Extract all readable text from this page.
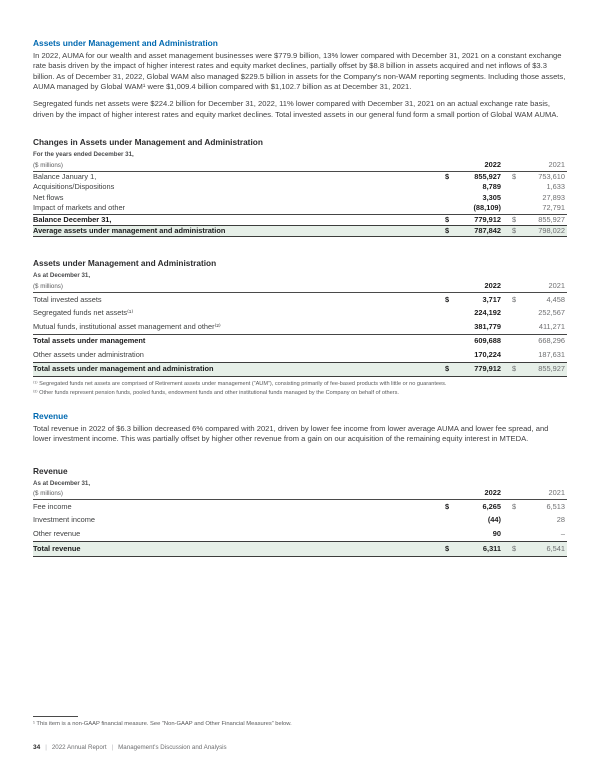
Assets under Management and Administration

In 2022, AUMA for our wealth and asset management businesses were $779.9 billion, 13% lower compared with December 31, 2021 on a constant exchange rate basis driven by the impact of higher interest rates and equity market declines, partially offset by $8.8 billion in assets acquired and net inflows of $3.3 billion. As of December 31, 2022, Global WAM also managed $229.5 billion in assets for the Company's non-WAM reporting segments. Including those assets, AUMA managed by Global WAM¹ were $1,009.4 billion compared with $1,102.7 billion as at December 31, 2021.

Segregated funds net assets were $224.2 billion for December 31, 2022, 11% lower compared with December 31, 2021 on an actual exchange rate basis, driven by the impact of higher interest rates and equity market declines. Total invested assets in our general fund form a small portion of Global WAM AUMA.

Changes in Assets under Management and Administration
For the years ended December 31,
($ millions)	2022	2021
Balance January 1,	$	855,927 $	753,610
Acquisitions/Dispositions	8,789	1,633
Net flows	3,305	27,893
Impact of markets and other	(88,109)	72,791
Balance December 31,	$	779,912 $	855,927
Average assets under management and administration	$	787,842 $	798,022
Assets under Management and Administration
As at December 31,
($ millions)	2022	2021
Total invested assets	$	3,717 $	4,458
Segregated funds net assets⁽¹⁾	224,192	252,567
Mutual funds, institutional asset management and other⁽²⁾	381,779	411,271
Total assets under management	609,688	668,296
Other assets under administration	170,224	187,631
Total assets under management and administration	$	779,912 $	855,927
⁽¹⁾ Segregated funds net assets are comprised of Retirement assets under management (“AUM”), consisting primarily of fee-based products with little or no guarantees.
⁽²⁾ Other funds represent pension funds, pooled funds, endowment funds and other institutional funds managed by the Company on behalf of others.
Revenue

Total revenue in 2022 of $6.3 billion decreased 6% compared with 2021, driven by lower fee income from lower average AUMA and lower fee spread, and lower investment income. This was partially offset by higher other revenue from a gain on our acquisition of the remaining equity interest in MTEDA.

Revenue
As at December 31,
($ millions)	2022	2021
Fee income	$	6,265 $	6,513
Investment income	(44)	28
Other revenue	90	–
Total revenue	$	6,311 $	6,541
¹ This item is a non-GAAP financial measure. See “Non-GAAP and Other Financial Measures” below.
34 | 2022 Annual Report | Management's Discussion and Analysis
